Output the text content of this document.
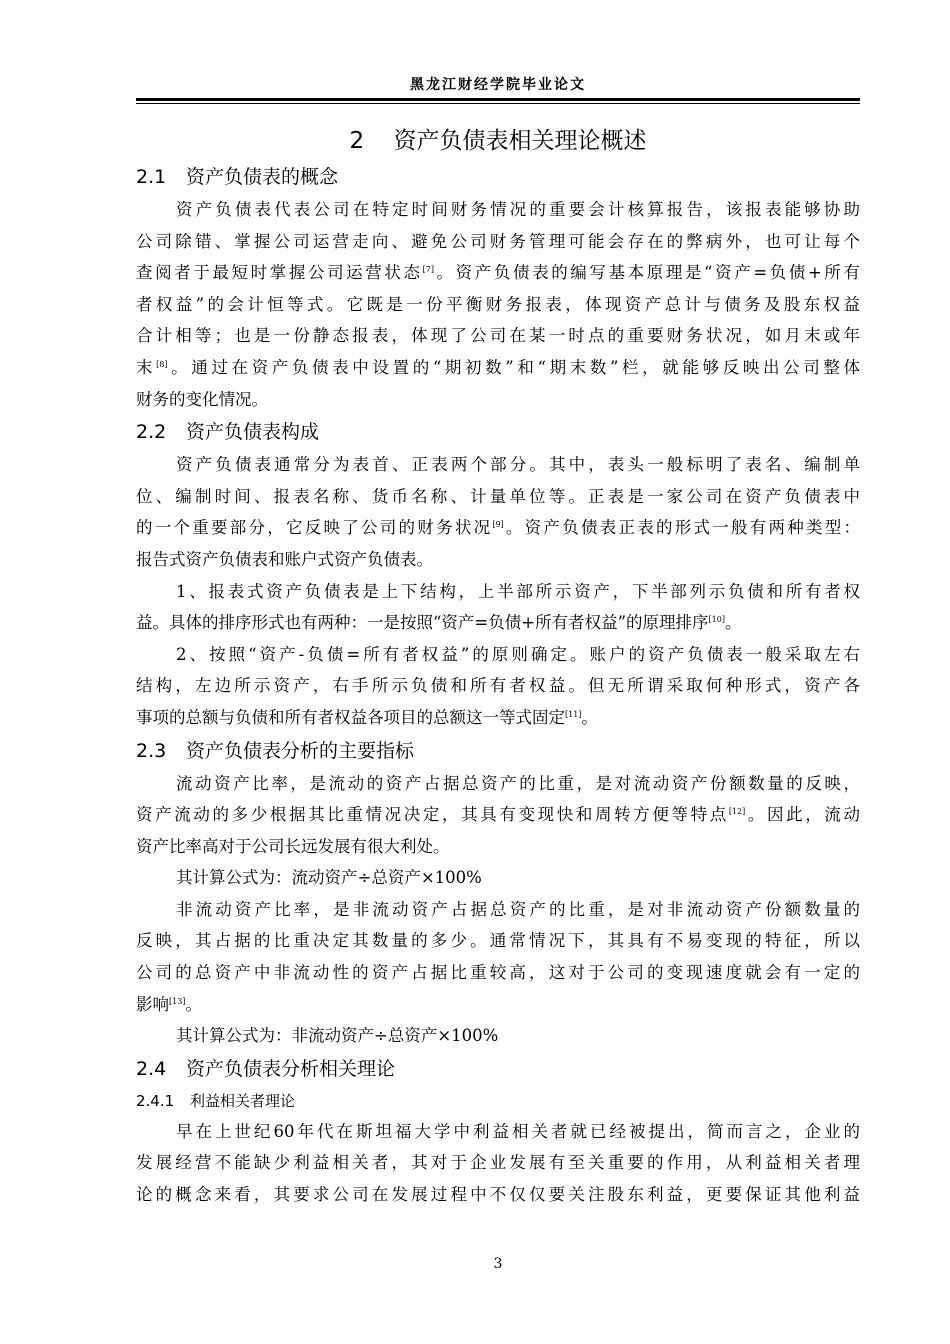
黑龙江财经学院毕业论文
2 资产负债表相关理论概述
2.1 资产负债表的概念
资产负债表代表公司在特定时间财务情况的重要会计核算报告，该报表能够协助
公司除错、掌握公司运营走向、避免公司财务管理可能会存在的弊病外，也可让每个
查阅者于最短时掌握公司运营状态[7]。资产负债表的编写基本原理是“资产=负债+所有
者权益”的会计恒等式。它既是一份平衡财务报表，体现资产总计与债务及股东权益
合计相等；也是一份静态报表，体现了公司在某一时点的重要财务状况，如月末或年
末[8]。通过在资产负债表中设置的“期初数”和“期末数”栏，就能够反映出公司整体
财务的变化情况。
2.2 资产负债表构成
资产负债表通常分为表首、正表两个部分。其中，表头一般标明了表名、编制单
位、编制时间、报表名称、货币名称、计量单位等。正表是一家公司在资产负债表中
的一个重要部分，它反映了公司的财务状况[9]。资产负债表正表的形式一般有两种类型：
报告式资产负债表和账户式资产负债表。
1、报表式资产负债表是上下结构，上半部所示资产，下半部列示负债和所有者权
益。具体的排序形式也有两种：一是按照“资产=负债+所有者权益”的原理排序[10]。
2、按照“资产-负债=所有者权益”的原则确定。账户的资产负债表一般采取左右
结构，左边所示资产，右手所示负债和所有者权益。但无所谓采取何种形式，资产各
事项的总额与负债和所有者权益各项目的总额这一等式固定[11]。
2.3 资产负债表分析的主要指标
流动资产比率，是流动的资产占据总资产的比重，是对流动资产份额数量的反映，
资产流动的多少根据其比重情况决定，其具有变现快和周转方便等特点[12]。因此，流动
资产比率高对于公司长远发展有很大利处。
其计算公式为：流动资产÷总资产×100%
非流动资产比率，是非流动资产占据总资产的比重，是对非流动资产份额数量的
反映，其占据的比重决定其数量的多少。通常情况下，其具有不易变现的特征，所以
公司的总资产中非流动性的资产占据比重较高，这对于公司的变现速度就会有一定的
影响[13]。
其计算公式为：非流动资产÷总资产×100%
2.4 资产负债表分析相关理论
2.4.1 利益相关者理论
早在上世纪60年代在斯坦福大学中利益相关者就已经被提出，简而言之，企业的
发展经营不能缺少利益相关者，其对于企业发展有至关重要的作用，从利益相关者理
论的概念来看，其要求公司在发展过程中不仅仅要关注股东利益，更要保证其他利益
3
